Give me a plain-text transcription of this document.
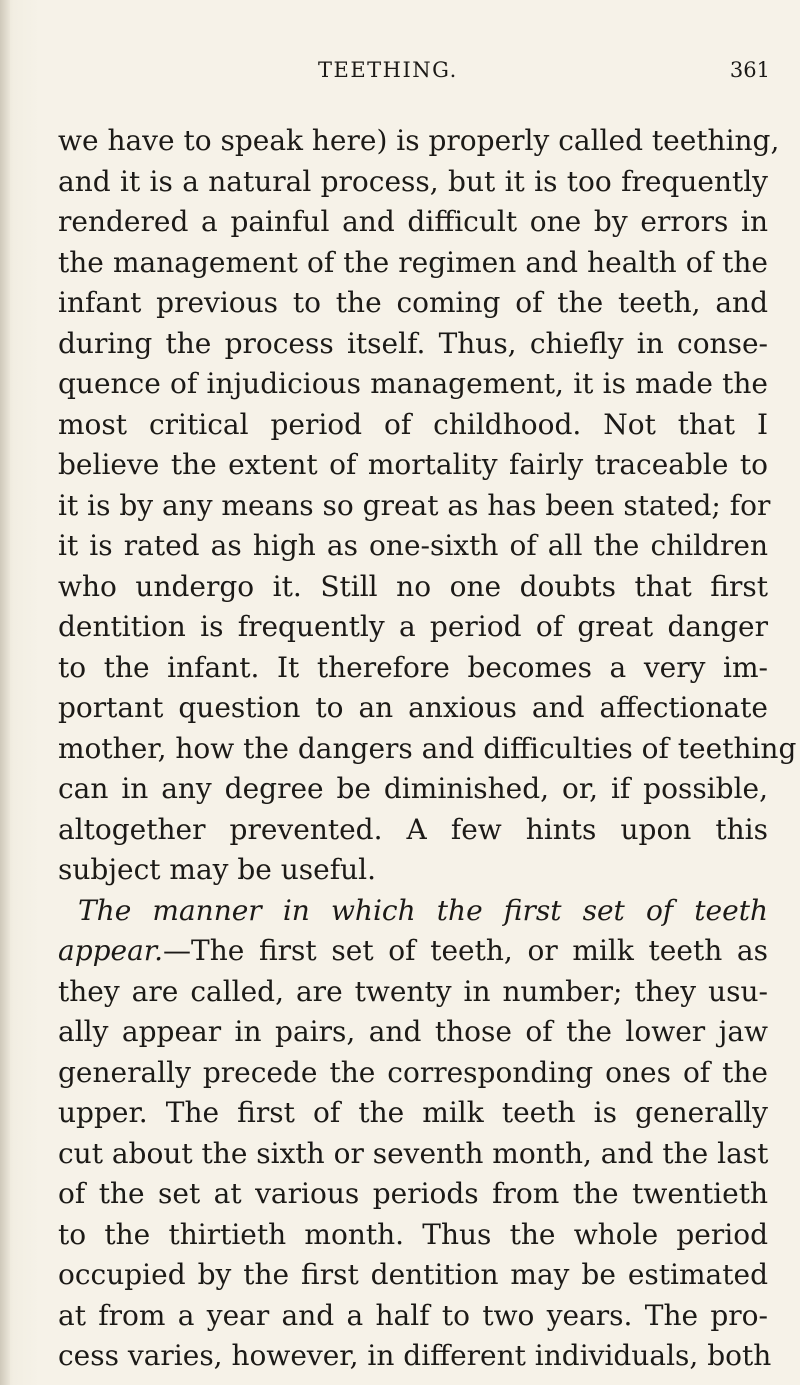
TEETHING.	361
we have to speak here) is properly called teething,
and it is a natural process, but it is too frequently
rendered a painful and difficult one by errors in
the management of the regimen and health of the
infant previous to the coming of the teeth, and
during the process itself. Thus, chiefly in conse-
quence of injudicious management, it is made the
most critical period of childhood. Not that I
believe the extent of mortality fairly traceable to
it is by any means so great as has been stated; for
it is rated as high as one-sixth of all the children
who undergo it. Still no one doubts that first
dentition is frequently a period of great danger
to the infant. It therefore becomes a very im-
portant question to an anxious and affectionate
mother, how the dangers and difficulties of teething
can in any degree be diminished, or, if possible,
altogether prevented. A few hints upon this
subject may be useful.
The manner in which the first set of teeth
appear.—The first set of teeth, or milk teeth as
they are called, are twenty in number; they usu-
ally appear in pairs, and those of the lower jaw
generally precede the corresponding ones of the
upper. The first of the milk teeth is generally
cut about the sixth or seventh month, and the last
of the set at various periods from the twentieth
to the thirtieth month. Thus the whole period
occupied by the first dentition may be estimated
at from a year and a half to two years. The pro-
cess varies, however, in different individuals, both
